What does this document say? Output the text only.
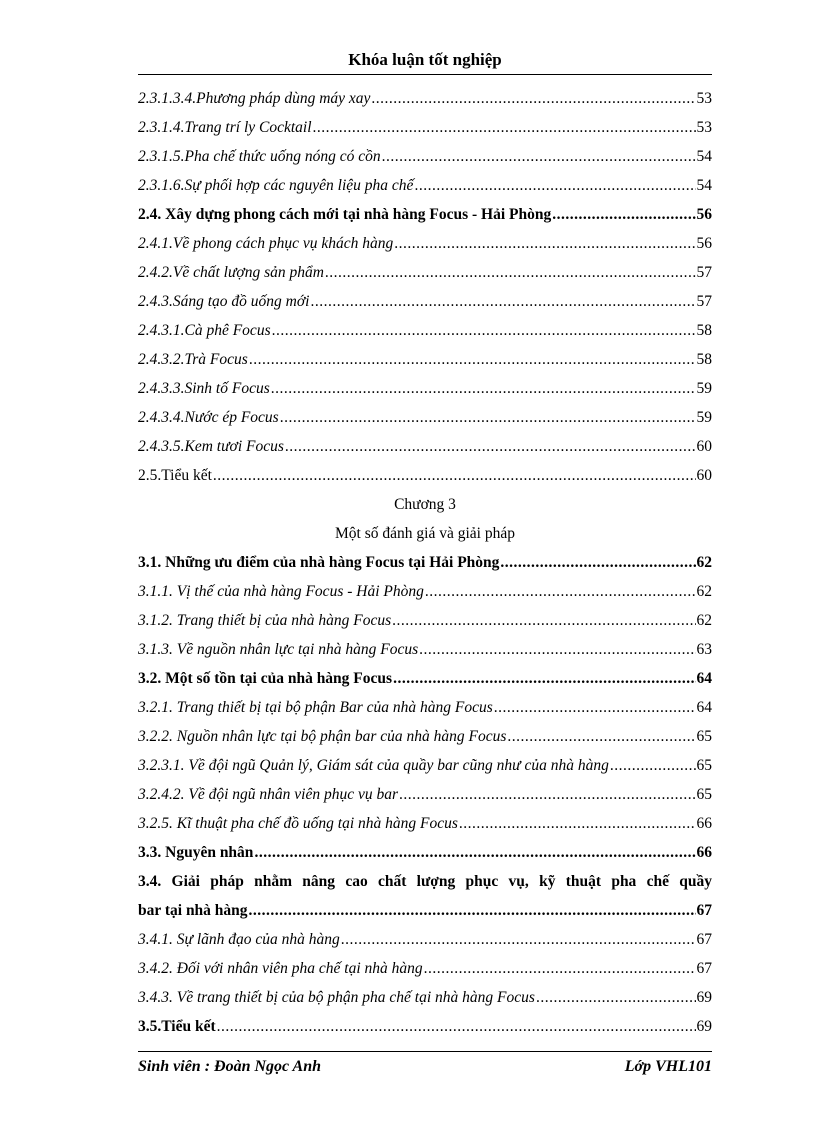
Khóa luận tốt nghiệp
2.3.1.3.4.Phương pháp dùng máy xay .....	53
2.3.1.4.Trang trí ly Cocktail .....	53
2.3.1.5.Pha chế thức uống nóng có cồn .....	54
2.3.1.6.Sự phối hợp các nguyên liệu pha chế .....	54
2.4. Xây dựng phong cách mới tại nhà hàng Focus - Hải Phòng .....	56
2.4.1.Về phong cách phục vụ khách hàng .....	56
2.4.2.Về chất lượng sản phẩm .....	57
2.4.3.Sáng tạo đồ uống mới .....	57
2.4.3.1.Cà phê Focus .....	58
2.4.3.2.Trà Focus .....	58
2.4.3.3.Sinh tố Focus .....	59
2.4.3.4.Nước ép Focus .....	59
2.4.3.5.Kem tươi Focus .....	60
2.5.Tiểu kết .....	60
Chương 3
Một số đánh giá và giải pháp
3.1. Những ưu điểm của nhà hàng Focus tại Hải Phòng .....	62
3.1.1. Vị thế của nhà hàng Focus - Hải Phòng .....	62
3.1.2. Trang thiết bị của nhà hàng Focus .....	62
3.1.3. Về nguồn nhân lực tại nhà hàng Focus .....	63
3.2. Một số tồn tại của nhà hàng Focus .....	64
3.2.1. Trang thiết bị tại bộ phận Bar của nhà hàng Focus .....	64
3.2.2. Nguồn nhân lực tại bộ phận bar của nhà hàng Focus .....	65
3.2.3.1. Về đội ngũ Quản lý, Giám sát của quầy bar cũng như của nhà hàng .....	65
3.2.4.2. Về đội ngũ nhân viên phục vụ bar .....	65
3.2.5. Kĩ thuật pha chế đồ uống tại nhà hàng Focus .....	66
3.3. Nguyên nhân .....	66
3.4. Giải pháp nhằm nâng cao chất lượng phục vụ, kỹ thuật pha chế quầy
bar tại nhà hàng .....	67
3.4.1. Sự lãnh đạo của nhà hàng .....	67
3.4.2. Đối với nhân viên pha chế tại nhà hàng .....	67
3.4.3. Về trang thiết bị của bộ phận pha chế tại nhà hàng Focus .....	69
3.5.Tiểu kết .....	69
Sinh viên : Đoàn Ngọc Anh	Lớp VHL101
